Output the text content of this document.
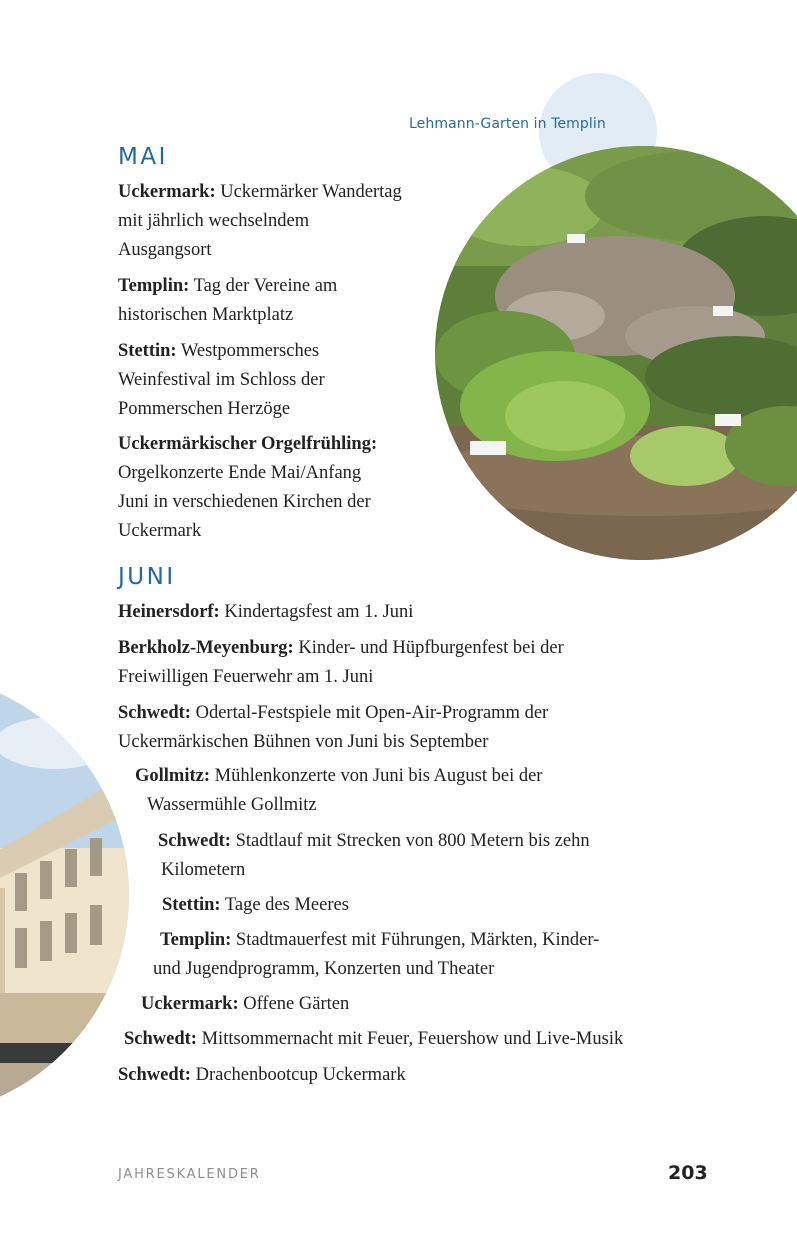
Lehmann-Garten in Templin
MAI
Uckermark: Uckermärker Wandertag
mit jährlich wechselndem
Ausgangsort
Templin: Tag der Vereine am
historischen Marktplatz
Stettin: Westpommersches
Weinfestival im Schloss der
Pommerschen Herzöge
Uckermärkischer Orgelfrühling:
Orgelkonzerte Ende Mai/Anfang
Juni in verschiedenen Kirchen der
Uckermark
JUNI
Heinersdorf: Kindertagsfest am 1. Juni
Berkholz-Meyenburg: Kinder- und Hüpfburgenfest bei der
Freiwilligen Feuerwehr am 1. Juni
Schwedt: Odertal-Festspiele mit Open-Air-Programm der
Uckermärkischen Bühnen von Juni bis September
Gollmitz: Mühlenkonzerte von Juni bis August bei der
Wassermühle Gollmitz
Schwedt: Stadtlauf mit Strecken von 800 Metern bis zehn
Kilometern
Stettin: Tage des Meeres
Templin: Stadtmauerfest mit Führungen, Märkten, Kinder-
und Jugendprogramm, Konzerten und Theater
Uckermark: Offene Gärten
Schwedt: Mittsommernacht mit Feuer, Feuershow und Live-Musik
Schwedt: Drachenbootcup Uckermark
JAHRESKALENDER	203
